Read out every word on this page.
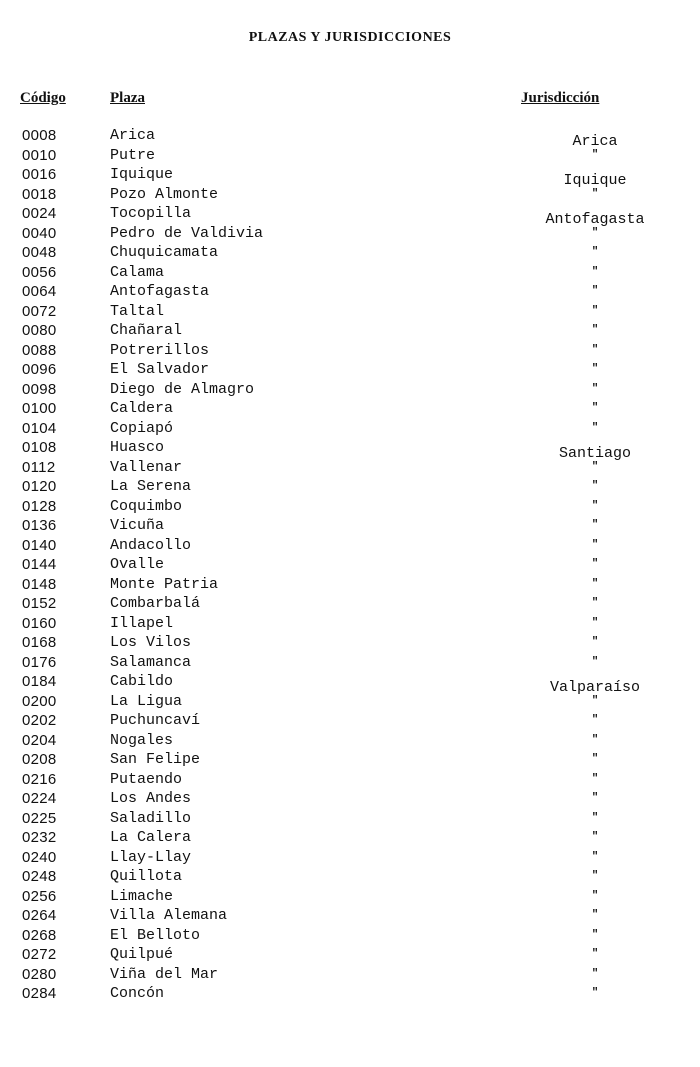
PLAZAS Y JURISDICCIONES
Código	Plaza	Jurisdicción
0008	Arica	Arica
0010	Putre	"
0016	Iquique	Iquique
0018	Pozo Almonte	"
0024	Tocopilla	Antofagasta
0040	Pedro de Valdivia	"
0048	Chuquicamata	"
0056	Calama	"
0064	Antofagasta	"
0072	Taltal	"
0080	Chañaral	"
0088	Potrerillos	"
0096	El Salvador	"
0098	Diego de Almagro	"
0100	Caldera	"
0104	Copiapó	"
0108	Huasco	Santiago
0112	Vallenar	"
0120	La Serena	"
0128	Coquimbo	"
0136	Vicuña	"
0140	Andacollo	"
0144	Ovalle	"
0148	Monte Patria	"
0152	Combarbalá	"
0160	Illapel	"
0168	Los Vilos	"
0176	Salamanca	"
0184	Cabildo	Valparaíso
0200	La Ligua	"
0202	Puchuncaví	"
0204	Nogales	"
0208	San Felipe	"
0216	Putaendo	"
0224	Los Andes	"
0225	Saladillo	"
0232	La Calera	"
0240	Llay-Llay	"
0248	Quillota	"
0256	Limache	"
0264	Villa Alemana	"
0268	El Belloto	"
0272	Quilpué	"
0280	Viña del Mar	"
0284	Concón	"
